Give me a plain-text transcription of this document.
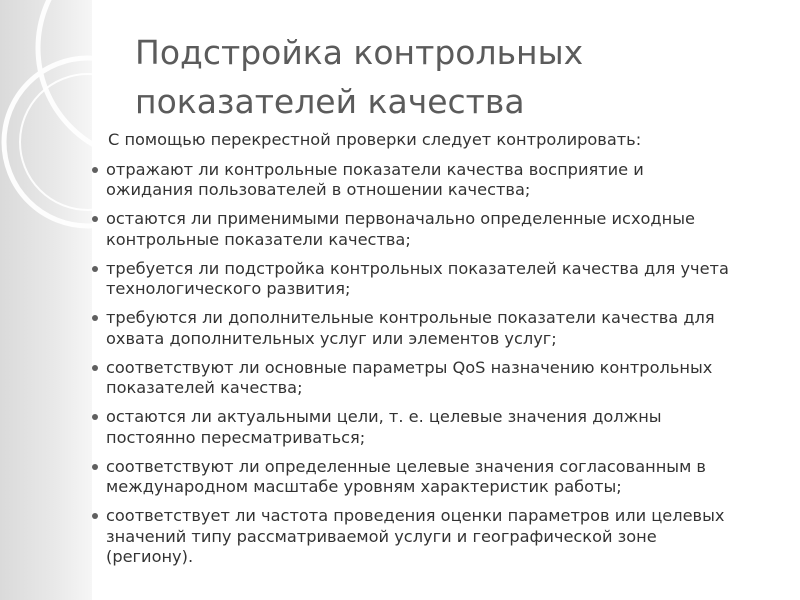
Подстройка контрольных
показателей качества

С помощью перекрестной проверки следует контролировать:

отражают ли контрольные показатели качества восприятие и
ожидания пользователей в отношении качества;
остаются ли применимыми первоначально определенные исходные
контрольные показатели качества;
требуется ли подстройка контрольных показателей качества для учета
технологического развития;
требуются ли дополнительные контрольные показатели качества для
охвата дополнительных услуг или элементов услуг;
соответствуют ли основные параметры QoS назначению контрольных
показателей качества;
остаются ли актуальными цели, т. е. целевые значения должны
постоянно пересматриваться;
соответствуют ли определенные целевые значения согласованным в
международном масштабе уровням характеристик работы;
соответствует ли частота проведения оценки параметров или целевых
значений типу рассматриваемой услуги и географической зоне
(региону).
